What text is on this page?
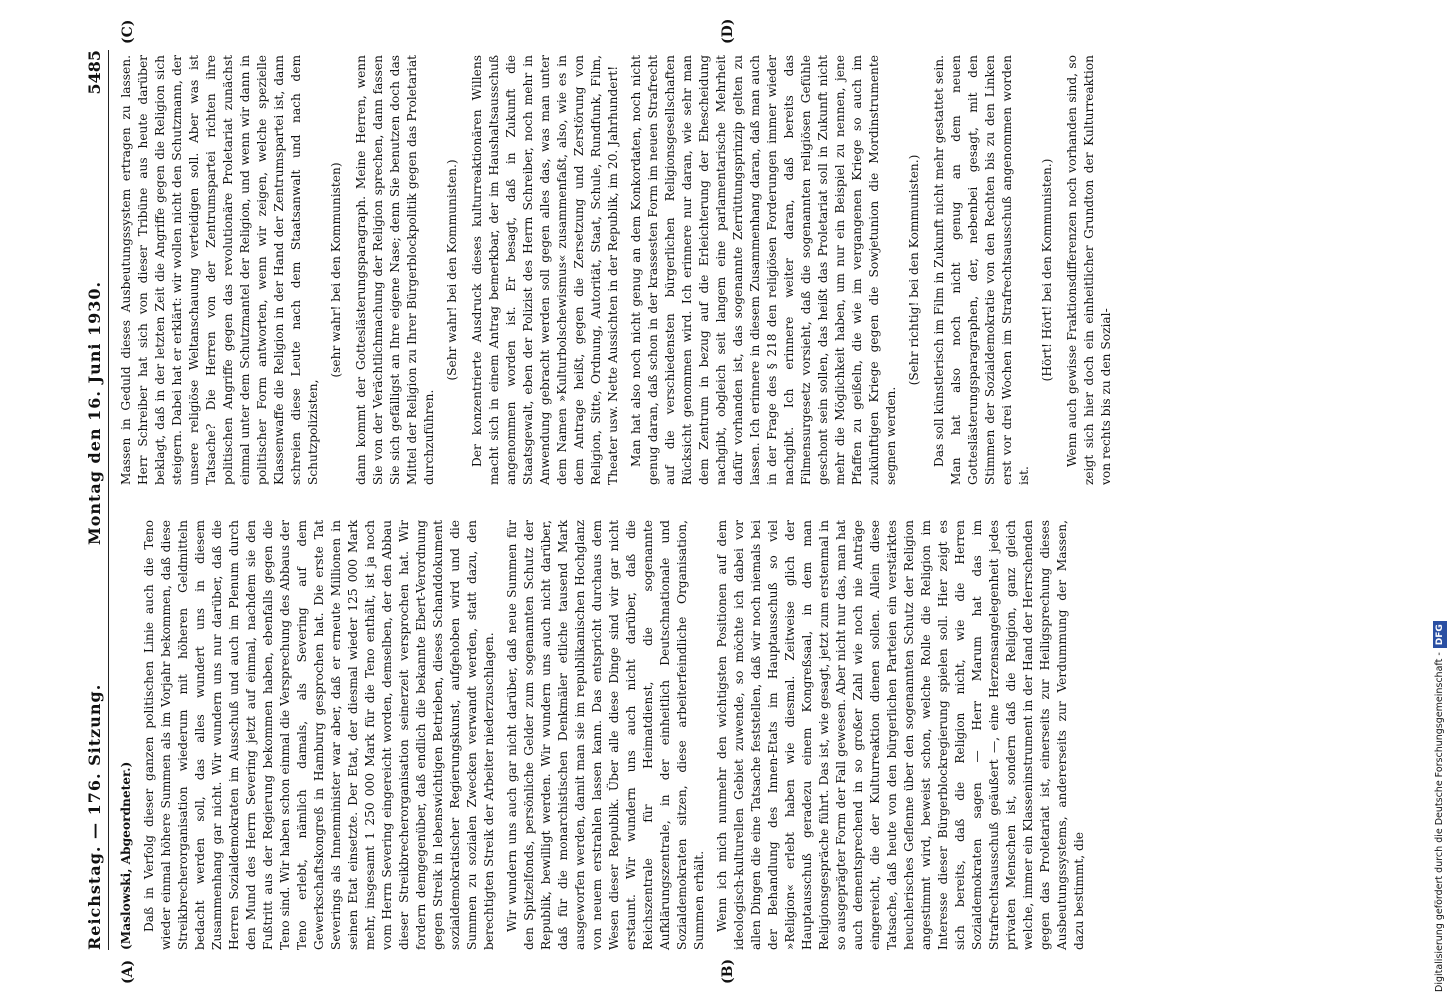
Reichstag. — 176. Sitzung.
Montag den 16. Juni 1930.
5485
(A)	(B)
(C)	(D)

(Maslowski, Abgeordneter.) Daß in Verfolg dieser ganzen politischen Linie auch die Teno wieder einmal höhere Summen als im Vorjahr bekommen, daß diese Streikbrecherorganisation wiederum mit höheren Geldmitteln bedacht werden soll, das alles wundert uns in diesem Zusammenhang gar nicht. Wir wundern uns nur darüber, daß die Herren Sozialdemokraten im Ausschuß und auch im Plenum durch den Mund des Herrn Severing jetzt auf einmal, nachdem sie den Fußtritt aus der Regierung bekommen haben, ebenfalls gegen die Teno sind. Wir haben schon einmal die Versprechung des Abbaus der Teno erlebt, nämlich damals, als Severing auf dem Gewerkschaftskongreß in Hamburg gesprochen hat. Die erste Tat Severings als Innenminister war aber, daß er erneute Millionen in seinen Etat einsetzte. Der Etat, der diesmal wieder 125 000 Mark mehr, insgesamt 1 250 000 Mark für die Teno enthält, ist ja noch vom Herrn Severing eingereicht worden, demselben, der den Abbau dieser Streikbrecherorganisation seinerzeit versprochen hat. Wir fordern demgegenüber, daß endlich die bekannte Ebert-Verordnung gegen Streik in lebenswichtigen Betrieben, dieses Schanddokument sozialdemokratischer Regierungskunst, aufgehoben wird und die Summen zu sozialen Zwecken verwandt werden, statt dazu, den berechtigten Streik der Arbeiter niederzuschlagen. Wir wundern uns auch gar nicht darüber, daß neue Summen für den Spitzelfonds, persönliche Gelder zum sogenannten Schutz der Republik, bewilligt werden. Wir wundern uns auch nicht darüber, daß für die monarchistischen Denkmäler etliche tausend Mark ausgeworfen werden, damit man sie im republikanischen Hochglanz von neuem erstrahlen lassen kann. Das entspricht durchaus dem Wesen dieser Republik. Über alle diese Dinge sind wir gar nicht erstaunt. Wir wundern uns auch nicht darüber, daß die Reichszentrale für Heimatdienst, die sogenannte Aufklärungszentrale, in der einheitlich Deutschnationale und Sozialdemokraten sitzen, diese arbeiterfeindliche Organisation, Summen erhält. Wenn ich mich nunmehr den wichtigsten Positionen auf dem ideologisch-kulturellen Gebiet zuwende, so möchte ich dabei vor allen Dingen die eine Tatsache feststellen, daß wir noch niemals bei der Behandlung des Innen-Etats im Hauptausschuß so viel »Religion« erlebt haben wie diesmal. Zeitweise glich der Hauptausschuß geradezu einem Kongreßsaal, in dem man Religionsgespräche führt. Das ist, wie gesagt, jetzt zum erstenmal in so ausgeprägter Form der Fall gewesen. Aber nicht nur das, man hat auch dementsprechend in so großer Zahl wie noch nie Anträge eingereicht, die der Kulturreaktion dienen sollen. Allein diese Tatsache, daß heute von den bürgerlichen Parteien ein verstärktes heuchlerisches Geflenne über den sogenannten Schutz der Religion angestimmt wird, beweist schon, welche Rolle die Religion im Interesse dieser Bürgerblockregierung spielen soll. Hier zeigt es sich bereits, daß die Religion nicht, wie die Herren Sozialdemokraten sagen — Herr Marum hat das im Strafrechtsausschuß geäußert —, eine Herzensangelegenheit jedes privaten Menschen ist, sondern daß die Religion, ganz gleich welche, immer ein Klasseninstrument in der Hand der Herrschenden gegen das Proletariat ist, einerseits zur Heiligsprechung dieses Ausbeutungssystems, andererseits zur Verdummung der Massen, dazu bestimmt, die

Massen in Geduld dieses Ausbeutungssystem ertragen zu lassen. Herr Schreiber hat sich von dieser Tribüne aus heute darüber beklagt, daß in der letzten Zeit die Angriffe gegen die Religion sich steigern. Dabei hat er erklärt: wir wollen nicht den Schutzmann, der unsere religiöse Weltanschauung verteidigen soll. Aber was ist Tatsache? Die Herren von der Zentrumspartei richten ihre politischen Angriffe gegen das revolutionäre Proletariat zunächst einmal unter dem Schutzmantel der Religion, und wenn wir dann in politischer Form antworten, wenn wir zeigen, welche spezielle Klassenwaffe die Religion in der Hand der Zentrumspartei ist, dann schreien diese Leute nach dem Staatsanwalt und nach dem Schutzpolizisten,

(sehr wahr! bei den Kommunisten) dann kommt der Gotteslästerungsparagraph. Meine Herren, wenn Sie von der Verächtlichmachung der Religion sprechen, dann fassen Sie sich gefälligst an Ihre eigene Nase; denn Sie benutzen doch das Mittel der Religion zu Ihrer Bürgerblockpolitik gegen das Proletariat durchzuführen.

(Sehr wahr! bei den Kommunisten.) Der konzentrierte Ausdruck dieses kulturreaktionären Willens macht sich in einem Antrag bemerkbar, der im Haushaltsausschuß angenommen worden ist. Er besagt, daß in Zukunft die Staatsgewalt, eben der Polizist des Herrn Schreiber, noch mehr in Anwendung gebracht werden soll gegen alles das, was man unter dem Namen »Kulturbolschewismus« zusammenfaßt, also, wie es in dem Antrage heißt, gegen die Zersetzung und Zerstörung von Religion, Sitte, Ordnung, Autorität, Staat, Schule, Rundfunk, Film, Theater usw. Nette Aussichten in der Republik, im 20. Jahrhundert! Man hat also noch nicht genug an dem Konkordaten, noch nicht genug daran, daß schon in der krassesten Form im neuen Strafrecht auf die verschiedensten bürgerlichen Religionsgesellschaften Rücksicht genommen wird. Ich erinnere nur daran, wie sehr man dem Zentrum in bezug auf die Erleichterung der Ehescheidung nachgibt, obgleich seit langem eine parlamentarische Mehrheit dafür vorhanden ist, das sogenannte Zerrüttungsprinzip gelten zu lassen. Ich erinnere in diesem Zusammenhang daran, daß man auch in der Frage des § 218 den religiösen Forderungen immer wieder nachgibt. Ich erinnere weiter daran, daß bereits das Filmensurgesetz vorsieht, daß die sogenannten religiösen Gefühle geschont sein sollen, das heißt das Proletariat soll in Zukunft nicht mehr die Möglichkeit haben, um nur ein Beispiel zu nennen, jene Pfaffen zu geißeln, die wie im vergangenen Kriege so auch im zukünftigen Kriege gegen die Sowjetunion die Mordinstrumente segnen werden.

(Sehr richtig! bei den Kommunisten.) Das soll künstlerisch im Film in Zukunft nicht mehr gestattet sein. Man hat also noch nicht genug an dem neuen Gotteslästerungsparagraphen, der, nebenbei gesagt, mit den Stimmen der Sozialdemokratie von den Rechten bis zu den Linken erst vor drei Wochen im Strafrechtsausschuß angenommen worden ist.

(Hört! Hört! bei den Kommunisten.) Wenn auch gewisse Fraktionsdifferenzen noch vorhanden sind, so zeigt sich hier doch ein einheitlicher Grundton der Kulturreaktion von rechts bis zu den Sozial-

Digitalisierung gefördert durch die Deutsche Forschungsgemeinschaft -DFG
